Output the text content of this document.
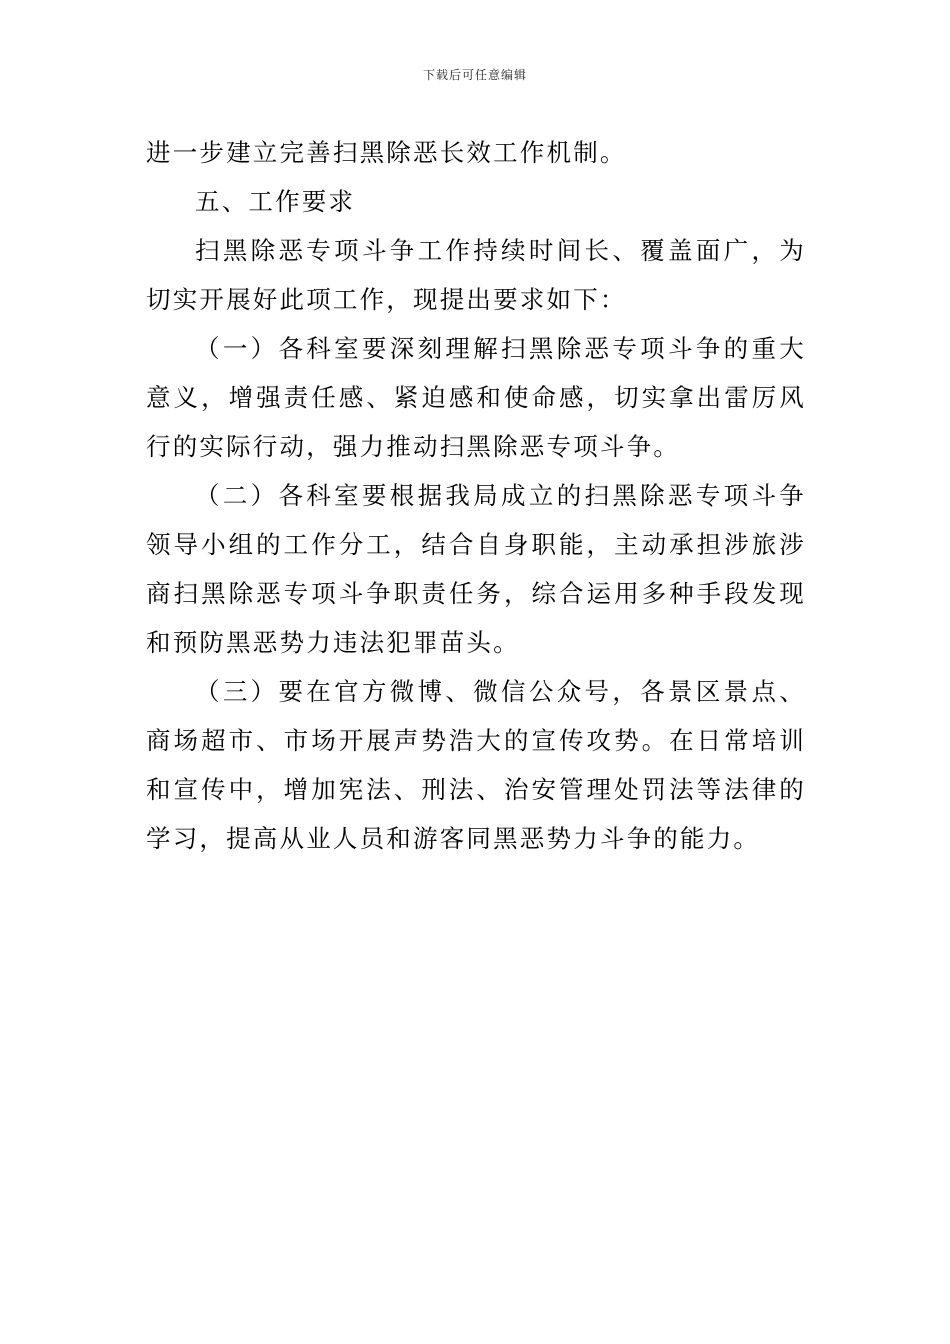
下载后可任意编辑

进一步建立完善扫黑除恶长效工作机制。

五、工作要求

扫黑除恶专项斗争工作持续时间长、覆盖面广，为切实开展好此项工作，现提出要求如下：

（一）各科室要深刻理解扫黑除恶专项斗争的重大意义，增强责任感、紧迫感和使命感，切实拿出雷厉风行的实际行动，强力推动扫黑除恶专项斗争。

（二）各科室要根据我局成立的扫黑除恶专项斗争领导小组的工作分工，结合自身职能，主动承担涉旅涉商扫黑除恶专项斗争职责任务，综合运用多种手段发现和预防黑恶势力违法犯罪苗头。

（三）要在官方微博、微信公众号，各景区景点、商场超市、市场开展声势浩大的宣传攻势。在日常培训和宣传中，增加宪法、刑法、治安管理处罚法等法律的学习，提高从业人员和游客同黑恶势力斗争的能力。
